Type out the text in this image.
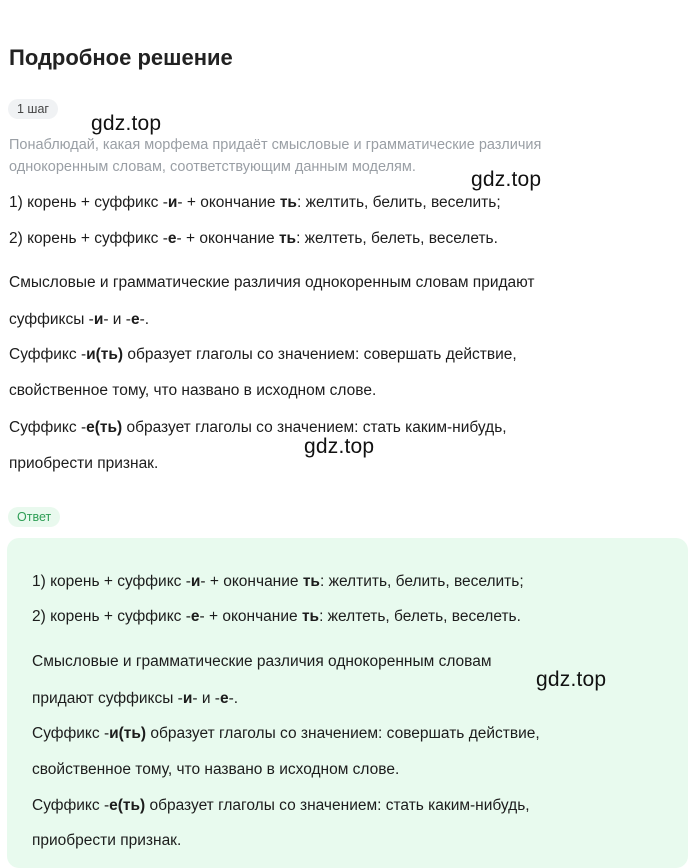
Подробное решение
1 шаг
Понаблюдай, какая морфема придаёт смысловые и грамматические различия однокоренным словам, соответствующим данным моделям.
1) корень + суффикс -и- + окончание ть: желтить, белить, веселить;
2) корень + суффикс -е- + окончание ть: желтеть, белеть, веселеть.
Смысловые и грамматические различия однокоренным словам придают
суффиксы -и- и -е-.
Суффикс -и(ть) образует глаголы со значением: совершать действие,
свойственное тому, что названо в исходном слове.
Суффикс -е(ть) образует глаголы со значением: стать каким-нибудь,
приобрести признак.
Ответ
1) корень + суффикс -и- + окончание ть: желтить, белить, веселить;
2) корень + суффикс -е- + окончание ть: желтеть, белеть, веселеть.
Смысловые и грамматические различия однокоренным словам
придают суффиксы -и- и -е-.
Суффикс -и(ть) образует глаголы со значением: совершать действие,
свойственное тому, что названо в исходном слове.
Суффикс -е(ть) образует глаголы со значением: стать каким-нибудь,
приобрести признак.
gdz.top
gdz.top
gdz.top
gdz.top
